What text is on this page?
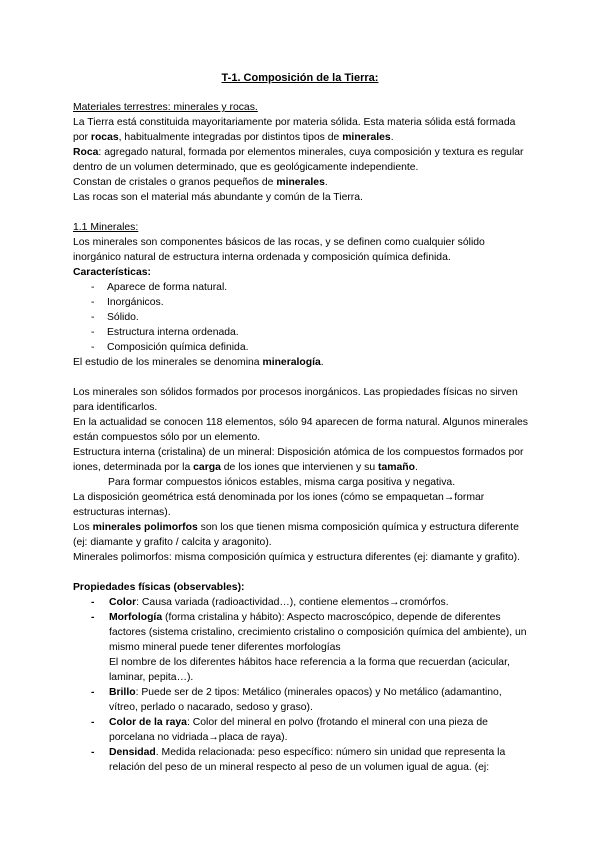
T-1. Composición de la Tierra:

Materiales terrestres: minerales y rocas.

La Tierra está constituida mayoritariamente por materia sólida. Esta materia sólida está formada por rocas, habitualmente integradas por distintos tipos de minerales.

Roca: agregado natural, formada por elementos minerales, cuya composición y textura es regular dentro de un volumen determinado, que es geológicamente independiente.

Constan de cristales o granos pequeños de minerales.

Las rocas son el material más abundante y común de la Tierra.

1.1 Minerales:

Los minerales son componentes básicos de las rocas, y se definen como cualquier sólido inorgánico natural de estructura interna ordenada y composición química definida.

Características:

- Aparece de forma natural.
- Inorgánicos.
- Sólido.
- Estructura interna ordenada.
- Composición química definida.

El estudio de los minerales se denomina mineralogía.

Los minerales son sólidos formados por procesos inorgánicos. Las propiedades físicas no sirven para identificarlos.

En la actualidad se conocen 118 elementos, sólo 94 aparecen de forma natural. Algunos minerales están compuestos sólo por un elemento.

Estructura interna (cristalina) de un mineral: Disposición atómica de los compuestos formados por iones, determinada por la carga de los iones que intervienen y su tamaño.

Para formar compuestos iónicos estables, misma carga positiva y negativa.

La disposición geométrica está denominada por los iones (cómo se empaquetan→formar estructuras internas).

Los minerales polimorfos son los que tienen misma composición química y estructura diferente (ej: diamante y grafito / calcita y aragonito).

Minerales polimorfos: misma composición química y estructura diferentes (ej: diamante y grafito).

Propiedades físicas (observables):

- Color: Causa variada (radioactividad…), contiene elementos→cromórfos.
- Morfología (forma cristalina y hábito): Aspecto macroscópico, depende de diferentes factores (sistema cristalino, crecimiento cristalino o composición química del ambiente), un mismo mineral puede tener diferentes morfologías
El nombre de los diferentes hábitos hace referencia a la forma que recuerdan (acicular, laminar, pepita…).
- Brillo: Puede ser de 2 tipos: Metálico (minerales opacos) y No metálico (adamantino, vítreo, perlado o nacarado, sedoso y graso).
- Color de la raya: Color del mineral en polvo (frotando el mineral con una pieza de porcelana no vidriada→placa de raya).
- Densidad. Medida relacionada: peso específico: número sin unidad que representa la relación del peso de un mineral respecto al peso de un volumen igual de agua. (ej:
